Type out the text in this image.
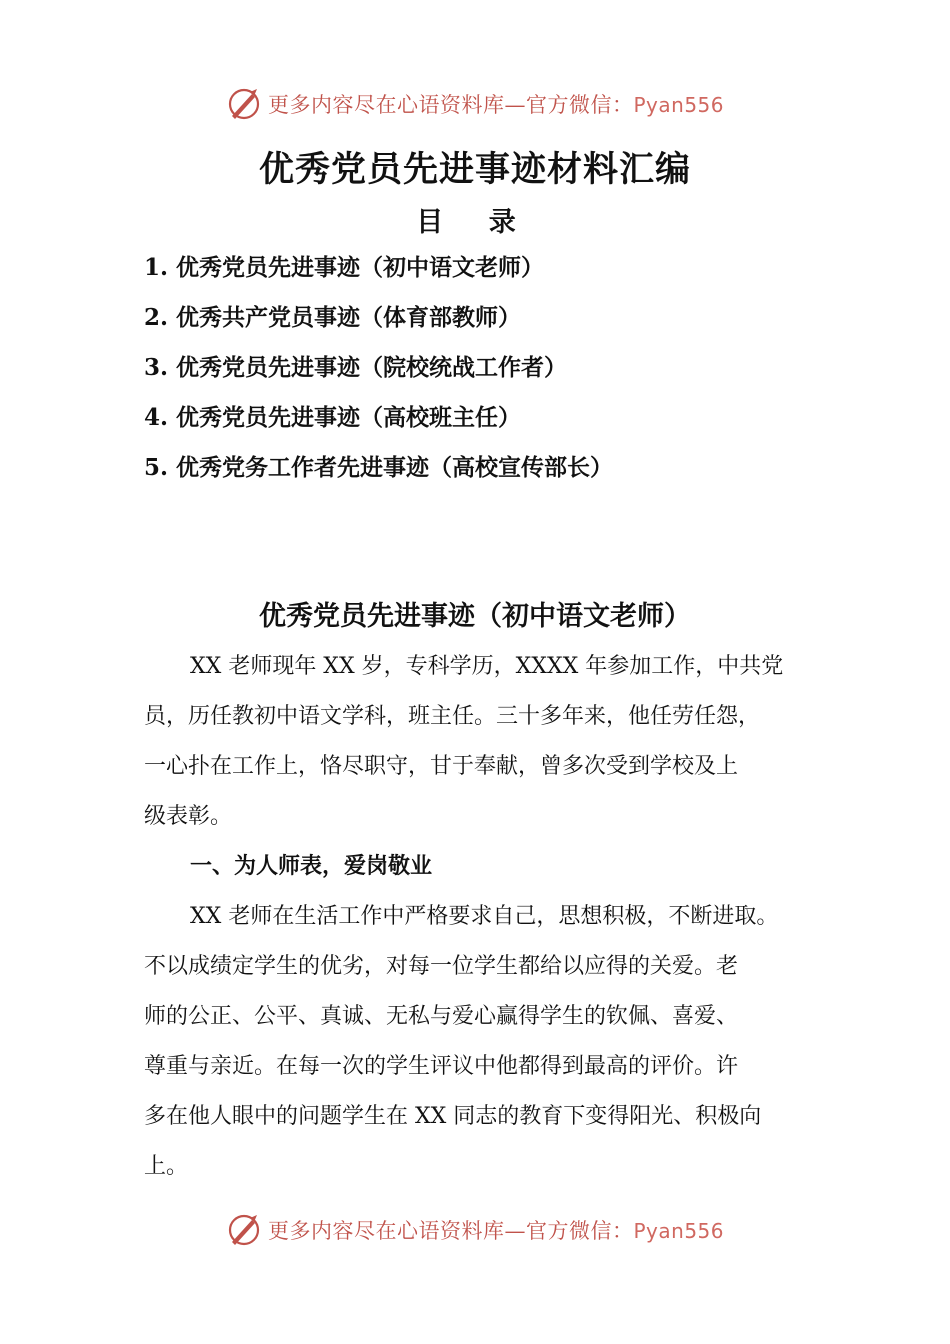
更多内容尽在心语资料库—官方微信：Pyan556
优秀党员先进事迹材料汇编
目 录
1. 优秀党员先进事迹（初中语文老师）
2. 优秀共产党员事迹（体育部教师）
3. 优秀党员先进事迹（院校统战工作者）
4. 优秀党员先进事迹（高校班主任）
5. 优秀党务工作者先进事迹（高校宣传部长）
优秀党员先进事迹（初中语文老师）
XX 老师现年 XX 岁，专科学历，XXXX 年参加工作，中共党
员，历任教初中语文学科，班主任。三十多年来，他任劳任怨，
一心扑在工作上，恪尽职守，甘于奉献，曾多次受到学校及上
级表彰。
一、为人师表，爱岗敬业
XX 老师在生活工作中严格要求自己，思想积极，不断进取。
不以成绩定学生的优劣，对每一位学生都给以应得的关爱。老
师的公正、公平、真诚、无私与爱心赢得学生的钦佩、喜爱、
尊重与亲近。在每一次的学生评议中他都得到最高的评价。许
多在他人眼中的问题学生在 XX 同志的教育下变得阳光、积极向
上。
更多内容尽在心语资料库—官方微信：Pyan556
